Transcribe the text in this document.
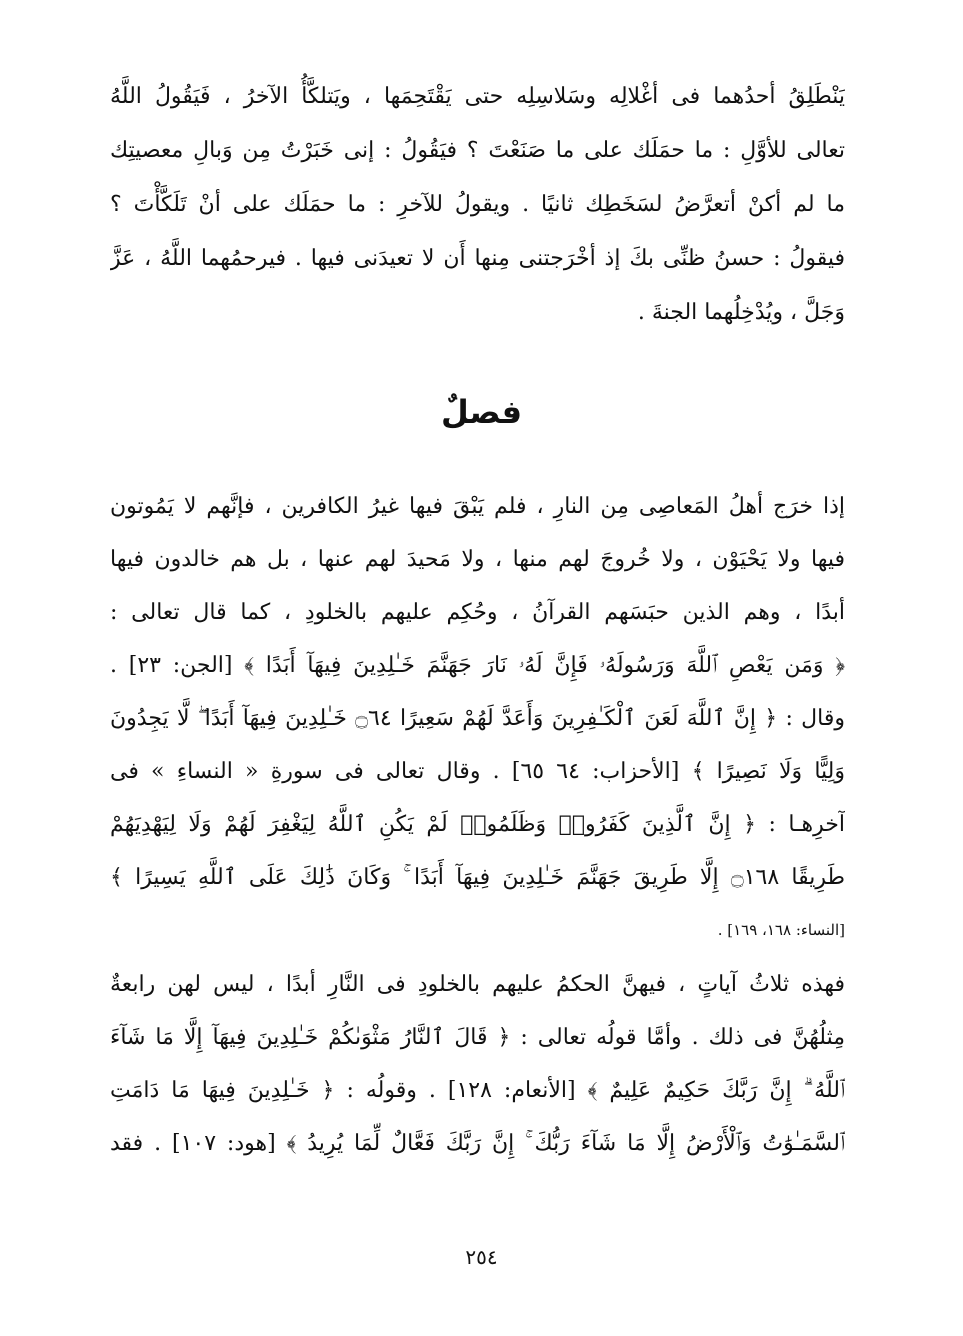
يَنْطَلِقُ أحدُهما فى أغْلالِه وسَلاسِلِه حتى يَقْتَحِمَها ، ويَتلكَّأُ الآخرُ ، فَيَقُولُ اللَّهُ
تعالى للأوَّلِ : ما حمَلَك على ما صَنَعْتَ ؟ فيَقُولُ : إنى خَبَرْتُ مِن وَبالِ معصيتِك
ما لم أكنْ أتعرَّضُ لسَخَطِك ثانيًا . ويقولُ للآخرِ : ما حمَلَك على أنْ تَلَكَّأْتَ ؟
فيقولُ : حسنُ ظنِّى بكَ إذ أخْرَجتنى مِنها أَن لا تعيدَنى فيها . فيرحمُهما اللَّهُ ، عَزَّ
وَجَلَّ ، ويُدْخِلُهما الجنةَ .
فصلٌ
إذا خرَج أهلُ المَعاصِى مِن النارِ ، فلم يَبْقَ فيها غيرُ الكافرين ، فإنَّهم لا يَمُوتون
فيها ولا يَحْيَوْن ، ولا خُروجَ لهم منها ، ولا مَحيدَ لهم عنها ، بل هم خالدون فيها
أبدًا ، وهم الذين حبَسَهم القرآنُ ، وحُكِم عليهم بالخلودِ ، كما قال تعالى :
﴿ وَمَن يَعْصِ ٱللَّهَ وَرَسُولَهُۥ فَإِنَّ لَهُۥ نَارَ جَهَنَّمَ خَـٰلِدِينَ فِيهَآ أَبَدًا ﴾ [الجن: ٢٣] .
وقال : ﴿ إِنَّ ٱللَّهَ لَعَنَ ٱلْكَـٰفِرِينَ وَأَعَدَّ لَهُمْ سَعِيرًا ۝٦٤ خَـٰلِدِينَ فِيهَآ أَبَدًا ۖ لَّا يَجِدُونَ
وَلِيًّا وَلَا نَصِيرًا ﴾ [الأحزاب: ٦٤ ٦٥] . وقال تعالى فى سورةِ « النساءِ » فى
آخرِهـا : ﴿ إِنَّ ٱلَّذِينَ كَفَرُوا۟ وَظَلَمُوا۟ لَمْ يَكُنِ ٱللَّهُ لِيَغْفِرَ لَهُمْ وَلَا لِيَهْدِيَهُمْ
طَرِيقًا ۝١٦٨ إِلَّا طَرِيقَ جَهَنَّمَ خَـٰلِدِينَ فِيهَآ أَبَدًا ۚ وَكَانَ ذَٰلِكَ عَلَى ٱللَّهِ يَسِيرًا ﴾
[النساء: ١٦٨، ١٦٩] .
فهذه ثلاثُ آياتٍ ، فيهنَّ الحكمُ عليهم بالخلودِ فى النَّارِ أبدًا ، ليس لهن رابعةٌ
مِثلُهُنَّ فى ذلك . وأمَّا قولُه تعالى : ﴿ قَالَ ٱلنَّارُ مَثْوَىٰكُمْ خَـٰلِدِينَ فِيهَآ إِلَّا مَا شَآءَ
ٱللَّهُ ۗ إِنَّ رَبَّكَ حَكِيمٌ عَلِيمٌ ﴾ [الأنعام: ١٢٨] . وقولُه : ﴿ خَـٰلِدِينَ فِيهَا مَا دَامَتِ
ٱلسَّمَـٰوَٰتُ وَٱلْأَرْضُ إِلَّا مَا شَآءَ رَبُّكَ ۚ إِنَّ رَبَّكَ فَعَّالٌ لِّمَا يُرِيدُ ﴾ [هود: ١٠٧] . فقد
٢٥٤
